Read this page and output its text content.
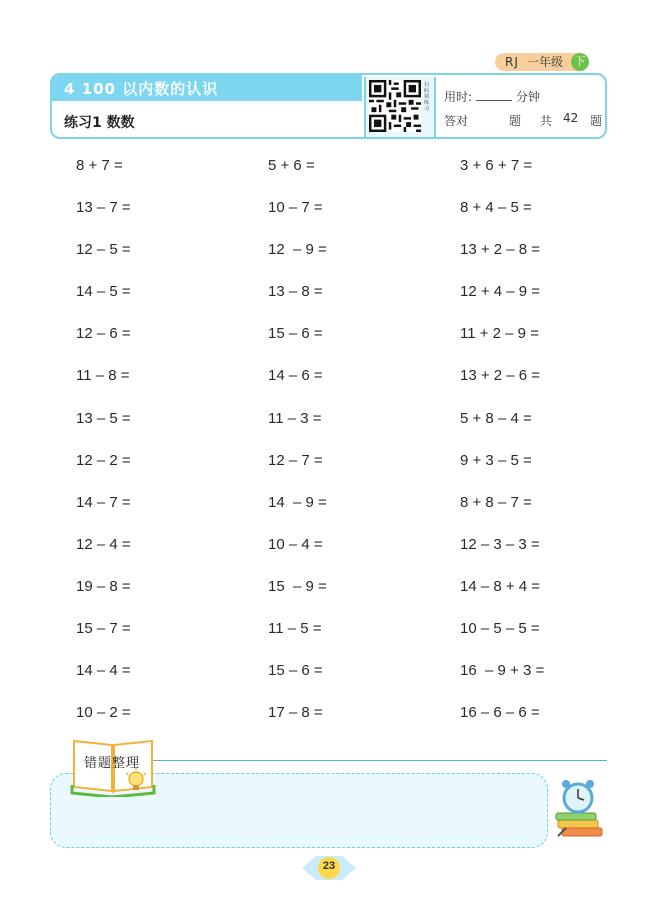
RJ 一年级	下
4 100 以内数的认识
练习1 数数
扫码领练习
用时:	分钟
答对	题 共 42 题
8 + 7 =
13 – 7 =
12 – 5 =
14 – 5 =
12 – 6 =
11 – 8 =
13 – 5 =
12 – 2 =
14 – 7 =
12 – 4 =
19 – 8 =
15 – 7 =
14 – 4 =
10 – 2 =
5 + 6 =
10 – 7 =
12  – 9 =
13 – 8 =
15 – 6 =
14 – 6 =
11 – 3 =
12 – 7 =
14  – 9 =
10 – 4 =
15  – 9 =
11 – 5 =
15 – 6 =
17 – 8 =
3 + 6 + 7 =
8 + 4 – 5 =
13 + 2 – 8 =
12 + 4 – 9 =
11 + 2 – 9 =
13 + 2 – 6 =
5 + 8 – 4 =
9 + 3 – 5 =
8 + 8 – 7 =
12 – 3 – 3 =
14 – 8 + 4 =
10 – 5 – 5 =
16  – 9 + 3 =
16 – 6 – 6 =
错题整理
23
